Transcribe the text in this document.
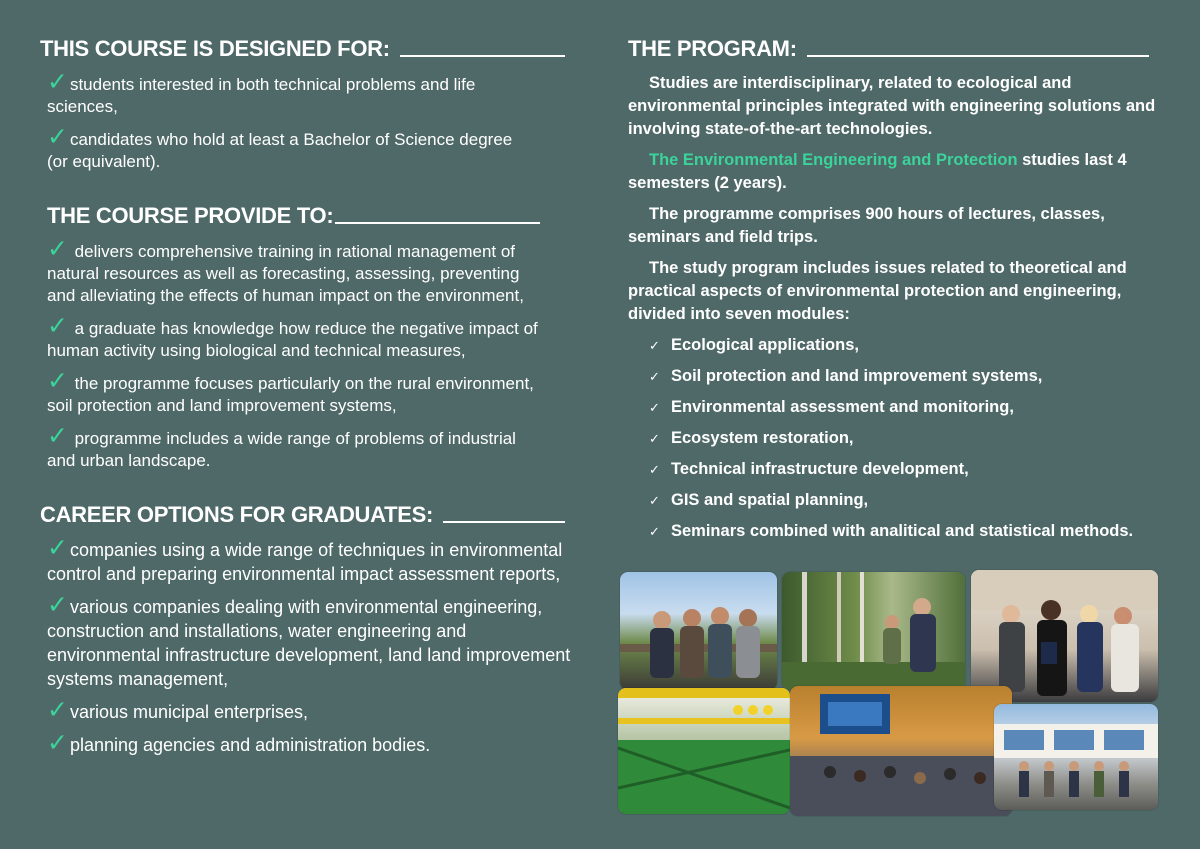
THIS COURSE IS DESIGNED FOR:
✓ students interested in both technical problems and life sciences,
✓ candidates who hold at least a Bachelor of Science degree (or equivalent).
THE COURSE PROVIDE TO:
✓ delivers comprehensive training in rational management of natural resources as well as forecasting, assessing, preventing and alleviating the effects of human impact on the environment,
✓ a graduate has knowledge how reduce the negative impact of human activity using biological and technical measures,
✓ the programme focuses particularly on the rural environment, soil protection and land improvement systems,
✓ programme includes a wide range of problems of industrial and urban landscape.
CAREER OPTIONS FOR GRADUATES:
✓ companies using a wide range of techniques in environmental control and preparing environmental impact assessment reports,
✓ various companies dealing with environmental engineering, construction and installations, water engineering and environmental infrastructure development, land land improvement systems management,
✓ various municipal enterprises,
✓ planning agencies and administration bodies.
THE PROGRAM:

Studies are interdisciplinary, related to ecological and environmental principles integrated with engineering solutions and involving state-of-the-art technologies.

The Environmental Engineering and Protection studies last 4 semesters (2 years).

The programme comprises 900 hours of lectures, classes, seminars and field trips.

The study program includes issues related to theoretical and practical aspects of environmental protection and engineering, divided into seven modules:

✓ Ecological applications,
✓ Soil protection and land improvement systems,
✓ Environmental assessment and monitoring,
✓ Ecosystem restoration,
✓ Technical infrastructure development,
✓ GIS and spatial planning,
✓ Seminars combined with analitical and statistical methods.
